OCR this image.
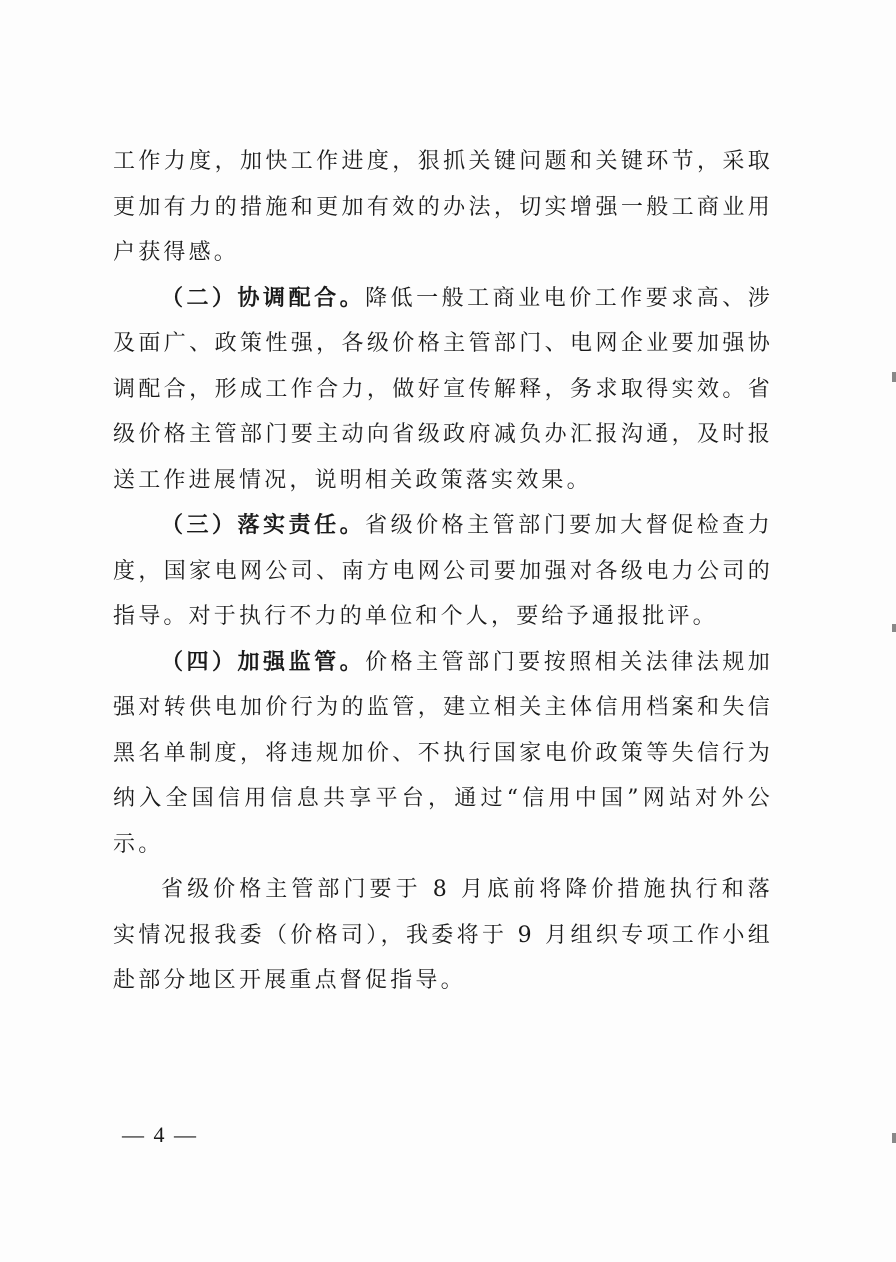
工作力度，加快工作进度，狠抓关键问题和关键环节，采取更加有力的措施和更加有效的办法，切实增强一般工商业用户获得感。

（二）协调配合。降低一般工商业电价工作要求高、涉及面广、政策性强，各级价格主管部门、电网企业要加强协调配合，形成工作合力，做好宣传解释，务求取得实效。省级价格主管部门要主动向省级政府减负办汇报沟通，及时报送工作进展情况，说明相关政策落实效果。

（三）落实责任。省级价格主管部门要加大督促检查力度，国家电网公司、南方电网公司要加强对各级电力公司的指导。对于执行不力的单位和个人，要给予通报批评。

（四）加强监管。价格主管部门要按照相关法律法规加强对转供电加价行为的监管，建立相关主体信用档案和失信黑名单制度，将违规加价、不执行国家电价政策等失信行为纳入全国信用信息共享平台，通过“信用中国”网站对外公示。

省级价格主管部门要于 8 月底前将降价措施执行和落实情况报我委（价格司），我委将于 9 月组织专项工作小组赴部分地区开展重点督促指导。

— 4 —
